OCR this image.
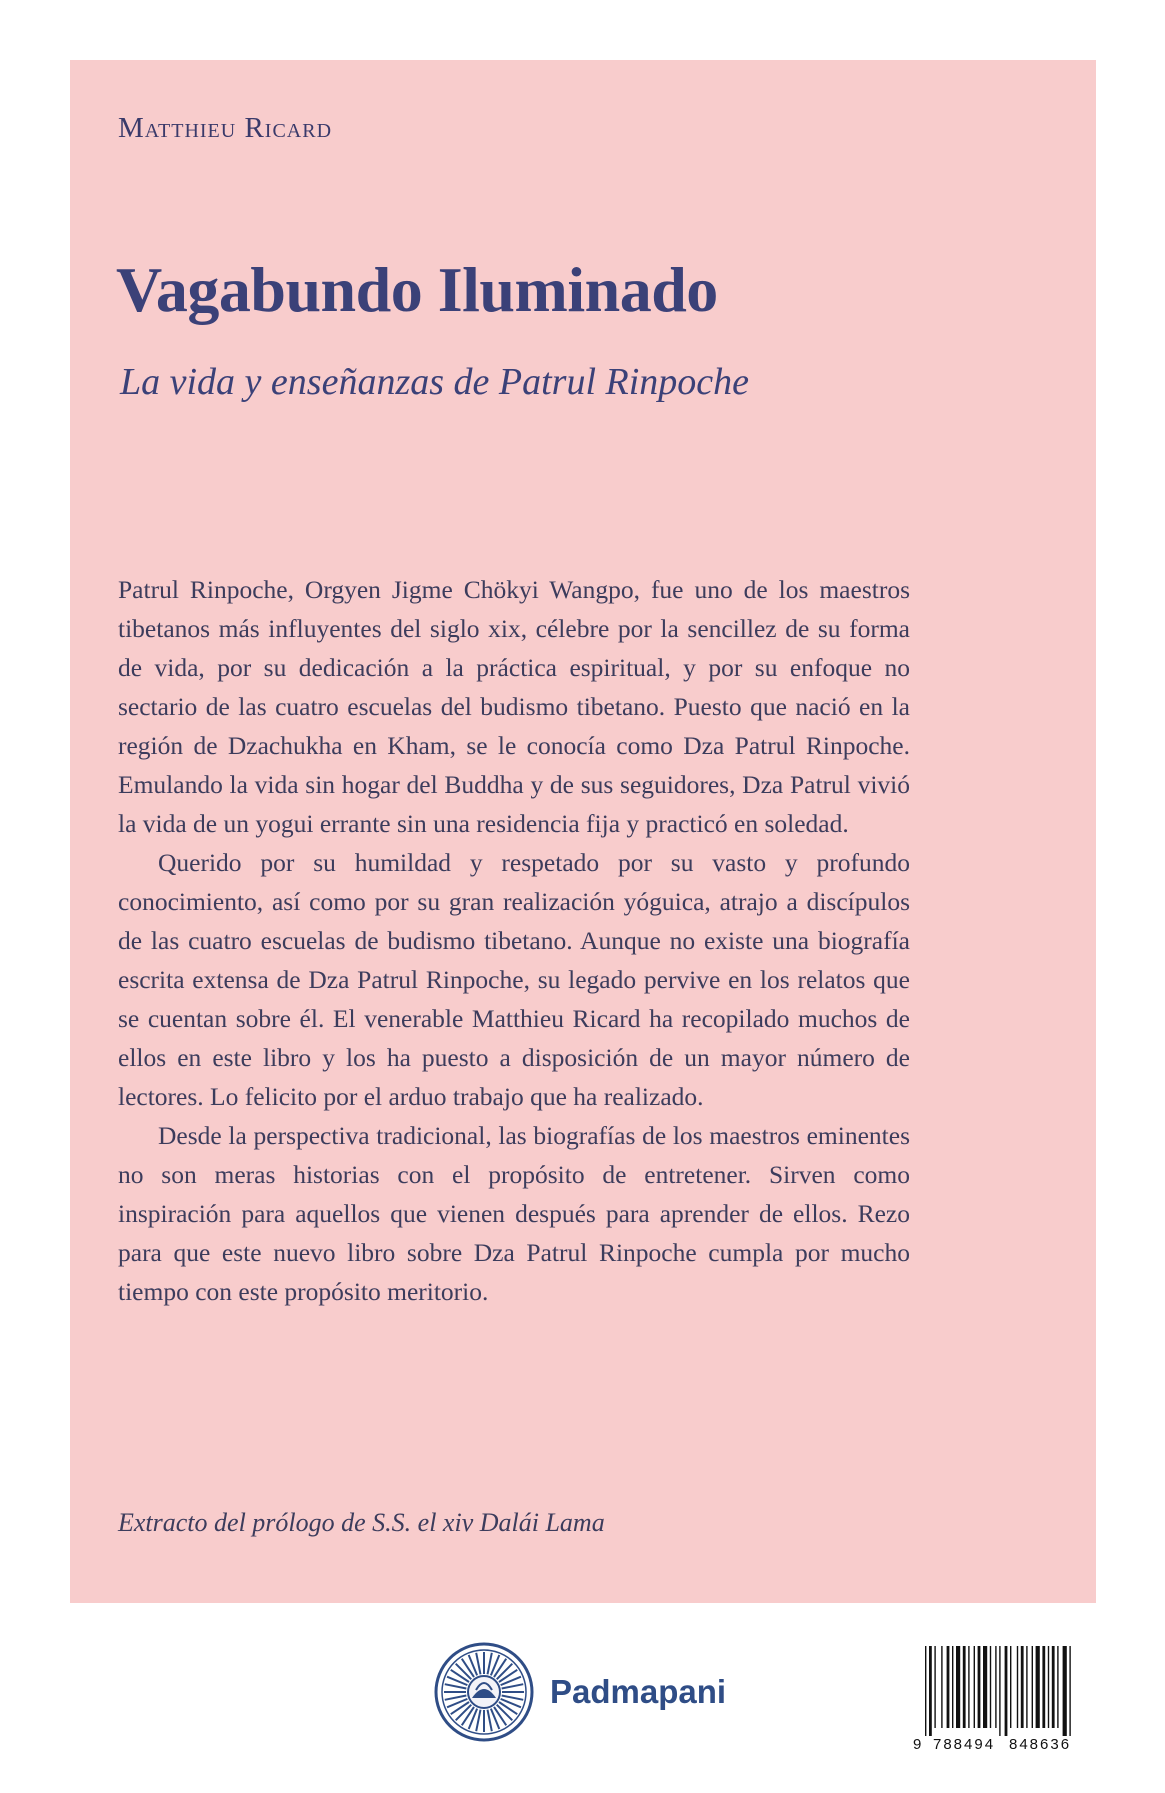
Matthieu Ricard
Vagabundo Iluminado
La vida y enseñanzas de Patrul Rinpoche

Patrul Rinpoche, Orgyen Jigme Chökyi Wangpo, fue uno de los maestros tibetanos más influyentes del siglo xix, célebre por la sencillez de su forma de vida, por su dedicación a la práctica espiritual, y por su enfoque no sectario de las cuatro escuelas del budismo tibetano. Puesto que nació en la región de Dzachukha en Kham, se le conocía como Dza Patrul Rinpoche. Emulando la vida sin hogar del Buddha y de sus seguidores, Dza Patrul vivió la vida de un yogui errante sin una residencia fija y practicó en soledad.

Querido por su humildad y respetado por su vasto y profundo conocimiento, así como por su gran realización yóguica, atrajo a discípulos de las cuatro escuelas de budismo tibetano. Aunque no existe una biografía escrita extensa de Dza Patrul Rinpoche, su legado pervive en los relatos que se cuentan sobre él. El venerable Matthieu Ricard ha recopilado muchos de ellos en este libro y los ha puesto a disposición de un mayor número de lectores. Lo felicito por el arduo trabajo que ha realizado.

Desde la perspectiva tradicional, las biografías de los maestros eminentes no son meras historias con el propósito de entretener. Sirven como inspiración para aquellos que vienen después para aprender de ellos. Rezo para que este nuevo libro sobre Dza Patrul Rinpoche cumpla por mucho tiempo con este propósito meritorio.

Extracto del prólogo de S.S. el xiv Dalái Lama
Padmapani
9 788494 848636
